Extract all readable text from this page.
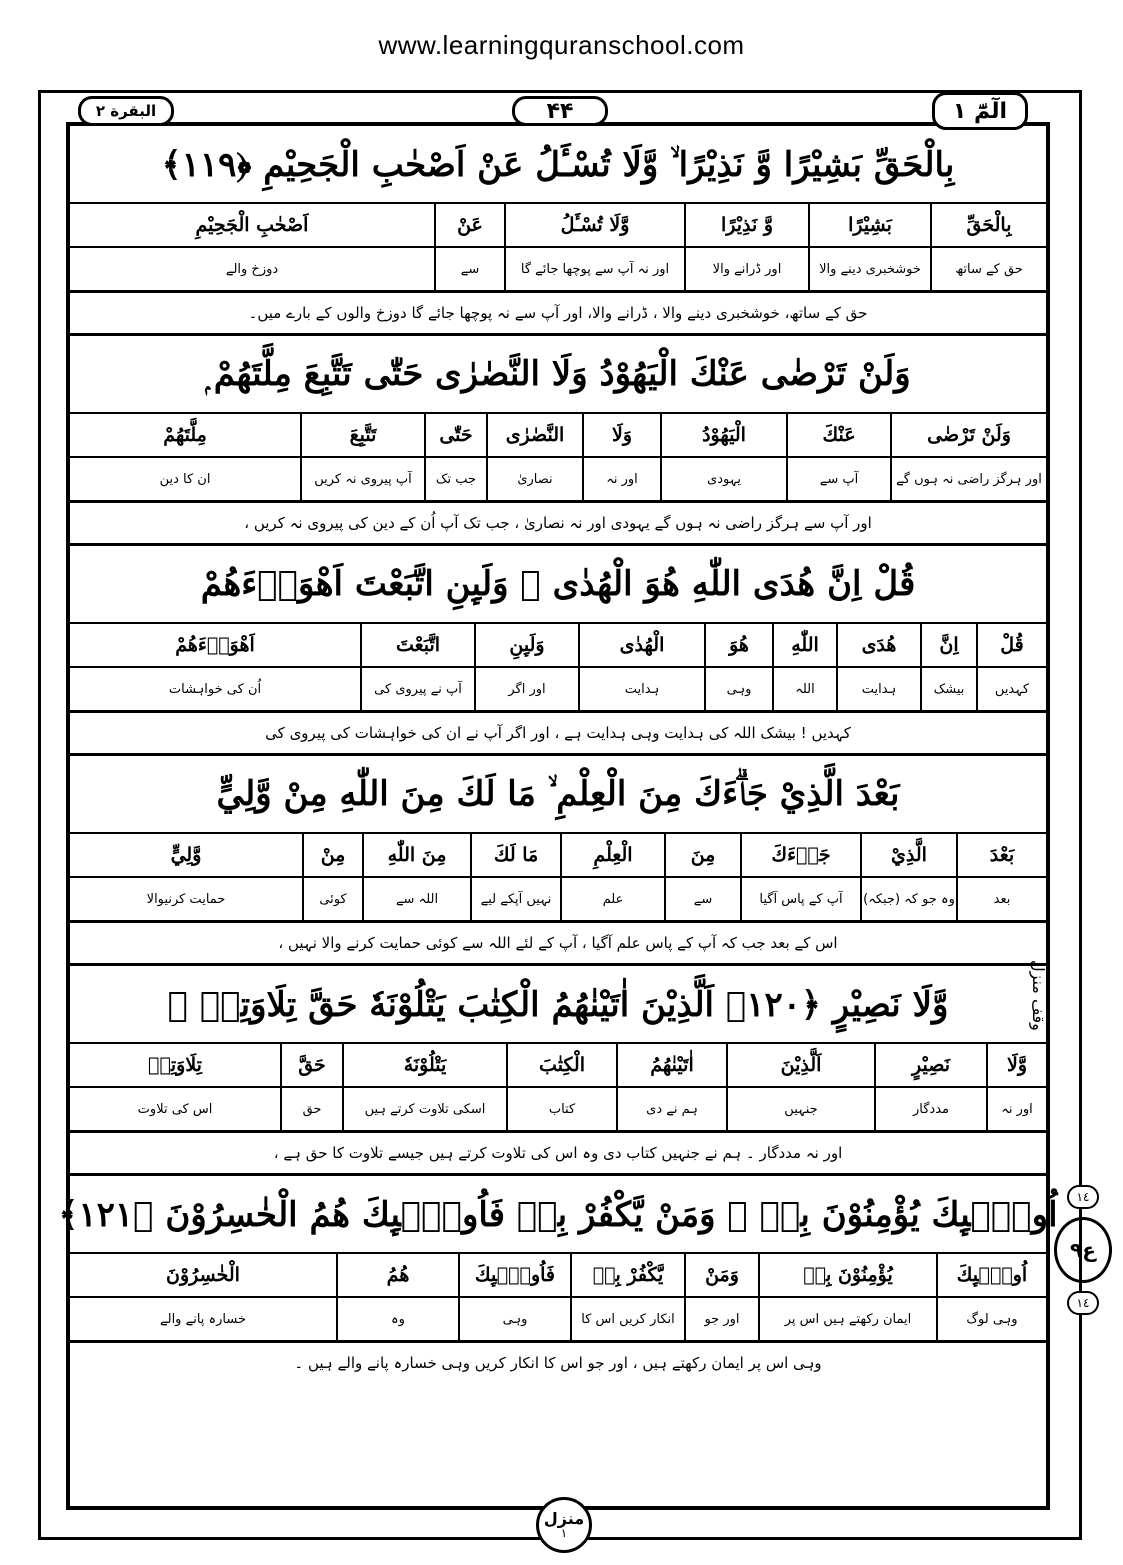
www.learningquranschool.com
البقرة ٢	۴۴	الٓمّٓ ١
وقف منزل
١٤
ع٩
١٤
بِالْحَقِّ بَشِيْرًا وَّ نَذِيْرًا ۙ وَّلَا تُسْـَٔلُ عَنْ اَصْحٰبِ الْجَحِيْمِ ﴿۱۱۹﴾
بِالْحَقِّ
بَشِيْرًا
وَّ نَذِيْرًا
وَّلَا تُسْـَٔلُ
عَنْ
اَصْحٰبِ الْجَحِيْمِ
حق کے ساتھ
خوشخبری دینے والا
اور ڈرانے والا
اور نہ آپ سے پوچھا جائے گا
سے
دوزخ والے
حق کے ساتھ، خوشخبری دینے والا ، ڈرانے والا، اور آپ سے نہ پوچھا جائے گا دوزخ والوں کے بارے میں۔
وَلَنْ تَرْضٰى عَنْكَ الْيَهُوْدُ وَلَا النَّصٰرٰى حَتّٰى تَتَّبِعَ مِلَّتَهُمْ ۭ
وَلَنْ تَرْضٰى
عَنْكَ
الْيَهُوْدُ
وَلَا
النَّصٰرٰى
حَتّٰى
تَتَّبِعَ
مِلَّتَهُمْ
اور ہرگز راضی نہ ہوں گے
آپ سے
یہودی
اور نہ
نصاریٰ
جب تک
آپ پیروی نہ کریں
ان کا دین
اور آپ سے ہرگز راضی نہ ہوں گے یہودی اور نہ نصاریٰ ، جب تک آپ اُن کے دین کی پیروی نہ کریں ،
قُلْ اِنَّ هُدَى اللّٰهِ هُوَ الْهُدٰى ۭ وَلَىِٕنِ اتَّبَعْتَ اَهْوَاۗءَھُمْ
قُلْ
اِنَّ
هُدَى
اللّٰهِ
هُوَ
الْهُدٰى
وَلَىِٕنِ
اتَّبَعْتَ
اَهْوَاۗءَھُمْ
کہدیں
بیشک
ہدایت
اللہ
وہی
ہدایت
اور اگر
آپ نے پیروی کی
اُن کی خواہشات
کہدیں ! بیشک اللہ کی ہدایت وہی ہدایت ہے ، اور اگر آپ نے ان کی خواہشات کی پیروی کی
بَعْدَ الَّذِيْ جَاۗءَكَ مِنَ الْعِلْمِ ۙ مَا لَكَ مِنَ اللّٰهِ مِنْ وَّلِيٍّ
بَعْدَ
الَّذِيْ
جَاۗءَكَ
مِنَ
الْعِلْمِ
مَا لَكَ
مِنَ اللّٰهِ
مِنْ
وَّلِيٍّ
بعد
وہ جو کہ (جبکہ)
آپ کے پاس آگیا
سے
علم
نہیں آپکے لیے
اللہ سے
کوئی
حمایت کرنیوالا
اس کے بعد جب کہ آپ کے پاس علم آگیا ، آپ کے لئے اللہ سے کوئی حمایت کرنے والا نہیں ،
وَّلَا نَصِيْرٍ ﴿۱۲۰﴾ اَلَّذِيْنَ اٰتَيْنٰھُمُ الْكِتٰبَ يَتْلُوْنَهٗ حَقَّ تِلَاوَتِهٖ ۭ
وَّلَا
نَصِيْرٍ
اَلَّذِيْنَ
اٰتَيْنٰھُمُ
الْكِتٰبَ
يَتْلُوْنَهٗ
حَقَّ
تِلَاوَتِهٖ
اور نہ
مددگار
جنہیں
ہم نے دی
کتاب
اسکی تلاوت کرتے ہیں
حق
اس کی تلاوت
اور نہ مددگار ۔ ہم نے جنہیں کتاب دی وہ اس کی تلاوت کرتے ہیں جیسے تلاوت کا حق ہے ،
اُولٰۗىِٕكَ يُؤْمِنُوْنَ بِهٖ ۭ وَمَنْ يَّكْفُرْ بِهٖ فَاُولٰۗىِٕكَ ھُمُ الْخٰسِرُوْنَ ﴿۱۲۱﴾
اُولٰۗىِٕكَ
يُؤْمِنُوْنَ بِهٖ
وَمَنْ
يَّكْفُرْ بِهٖ
فَاُولٰۗىِٕكَ
ھُمُ
الْخٰسِرُوْنَ
وہی لوگ
ایمان رکھتے ہیں اس پر
اور جو
انکار کریں اس کا
وہی
وہ
خسارہ پانے والے
وہی اس پر ایمان رکھتے ہیں ، اور جو اس کا انکار کریں وہی خسارہ پانے والے ہیں ۔
منزل
١
